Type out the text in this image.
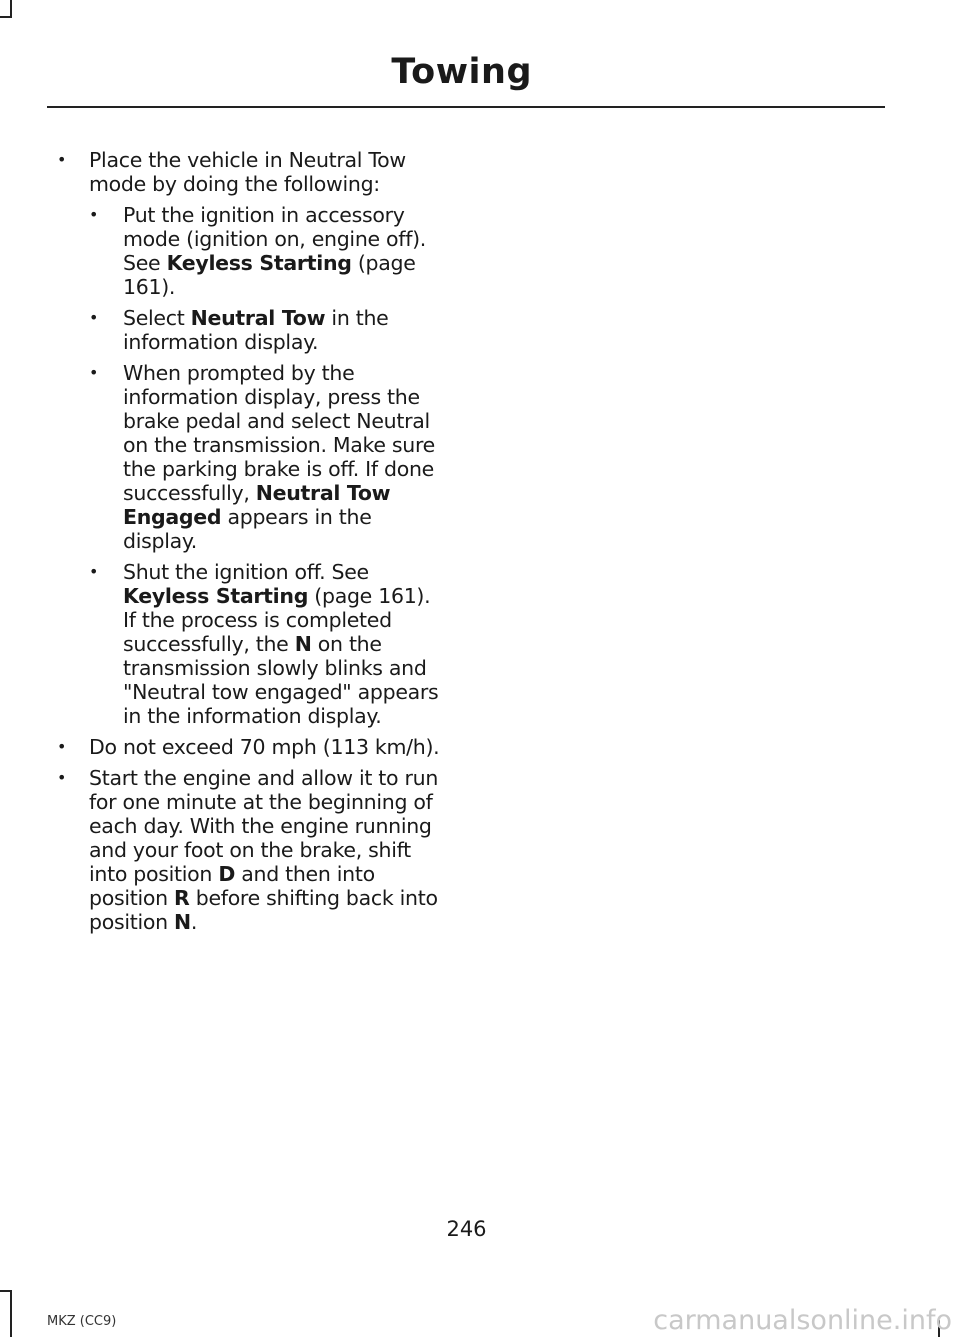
Towing
• Place the vehicle in Neutral Tow mode by doing the following:
• Put the ignition in accessory mode (ignition on, engine off). See Keyless Starting (page 161).
• Select Neutral Tow in the information display.
• When prompted by the information display, press the brake pedal and select Neutral on the transmission. Make sure the parking brake is off. If done successfully, Neutral Tow Engaged appears in the display.
• Shut the ignition off. See Keyless Starting (page 161). If the process is completed successfully, the N on the transmission slowly blinks and "Neutral tow engaged" appears in the information display.
• Do not exceed 70 mph (113 km/h).
• Start the engine and allow it to run for one minute at the beginning of each day. With the engine running and your foot on the brake, shift into position D and then into position R before shifting back into position N.
246
MKZ (CC9)	carmanualsonline.info
